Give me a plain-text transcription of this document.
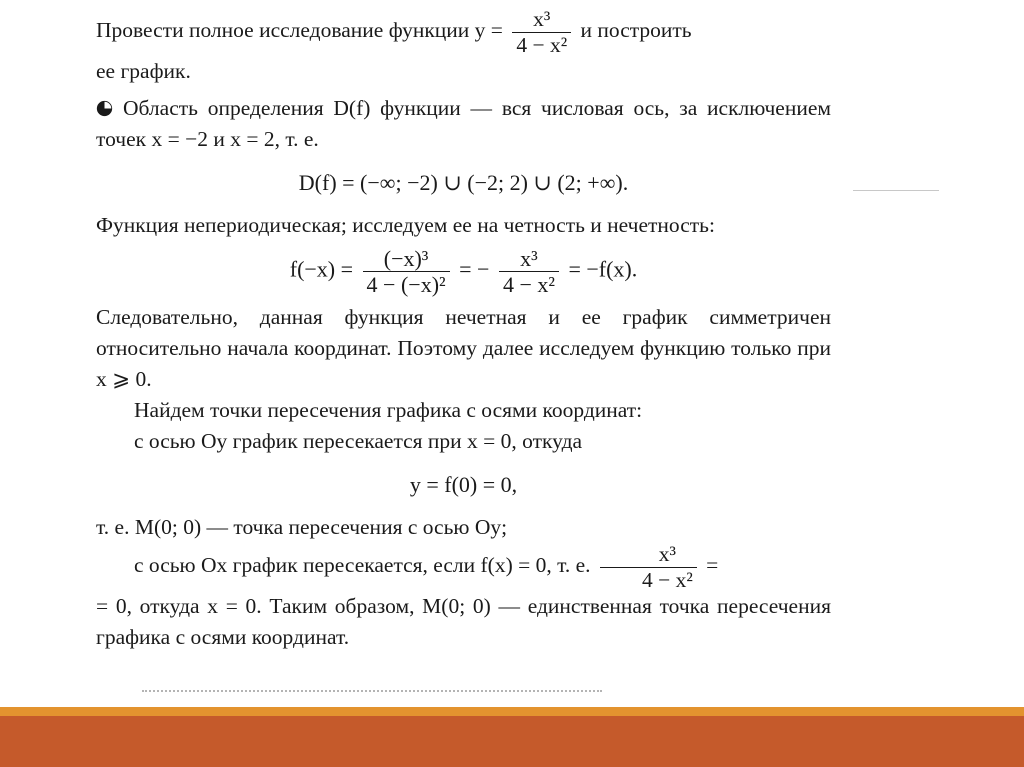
Провести полное исследование функции $y = \frac{\text{x³}}{\text{4 − x²}}$ и построить

ее график.

Область определения D(f) функции — вся числовая ось, за исключением точек x = −2 и x = 2, т. е.

D(f) = (−∞; −2) ∪ (−2; 2) ∪ (2; +∞).

Функция непериодическая; исследуем ее на четность и нечетность:

$f(-x) = \frac{\text{(−x)³}}{\text{4 − (−x)²}}$ = − $\frac{\text{x³}}{\text{4 − x²}} = -f(x)$.

Следовательно, данная функция нечетная и ее график симметричен относительно начала координат. Поэтому далее исследуем функцию только при x ⩾ 0.

Найдем точки пересечения графика с осями координат:

с осью Oy график пересекается при x = 0, откуда

y = f(0) = 0,

т. е. M(0; 0) — точка пересечения с осью Oy;

с осью Ox график пересекается, если f(x) = 0, т. е. $\frac{\text{x³}}{\text{4 − x²}}$ =

= 0, откуда x = 0. Таким образом, M(0; 0) — единственная точка пересечения графика с осями координат.
